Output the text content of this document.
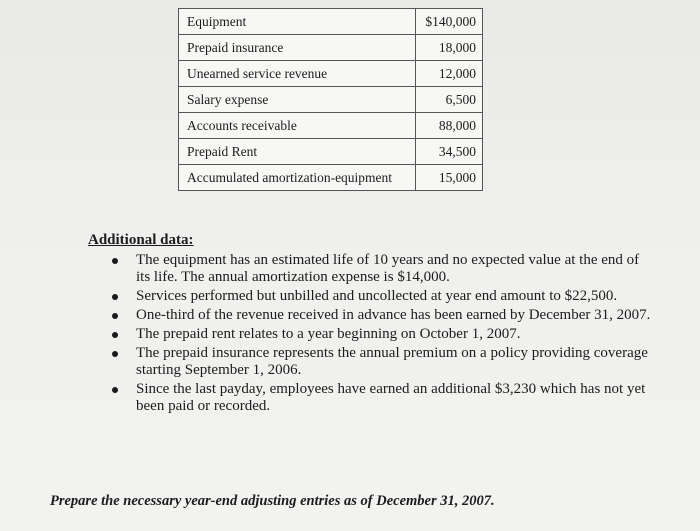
Equipment	$140,000
Prepaid insurance	18,000
Unearned service revenue	12,000
Salary expense	6,500
Accounts receivable	88,000
Prepaid Rent	34,500
Accumulated amortization-equipment	15,000
Additional data:
The equipment has an estimated life of 10 years and no expected value at the end of its life. The annual amortization expense is $14,000.
Services performed but unbilled and uncollected at year end amount to $22,500.
One-third of the revenue received in advance has been earned by December 31, 2007.
The prepaid rent relates to a year beginning on October 1, 2007.
The prepaid insurance represents the annual premium on a policy providing coverage starting September 1, 2006.
Since the last payday, employees have earned an additional $3,230 which has not yet been paid or recorded.
Prepare the necessary year-end adjusting entries as of December 31, 2007.
